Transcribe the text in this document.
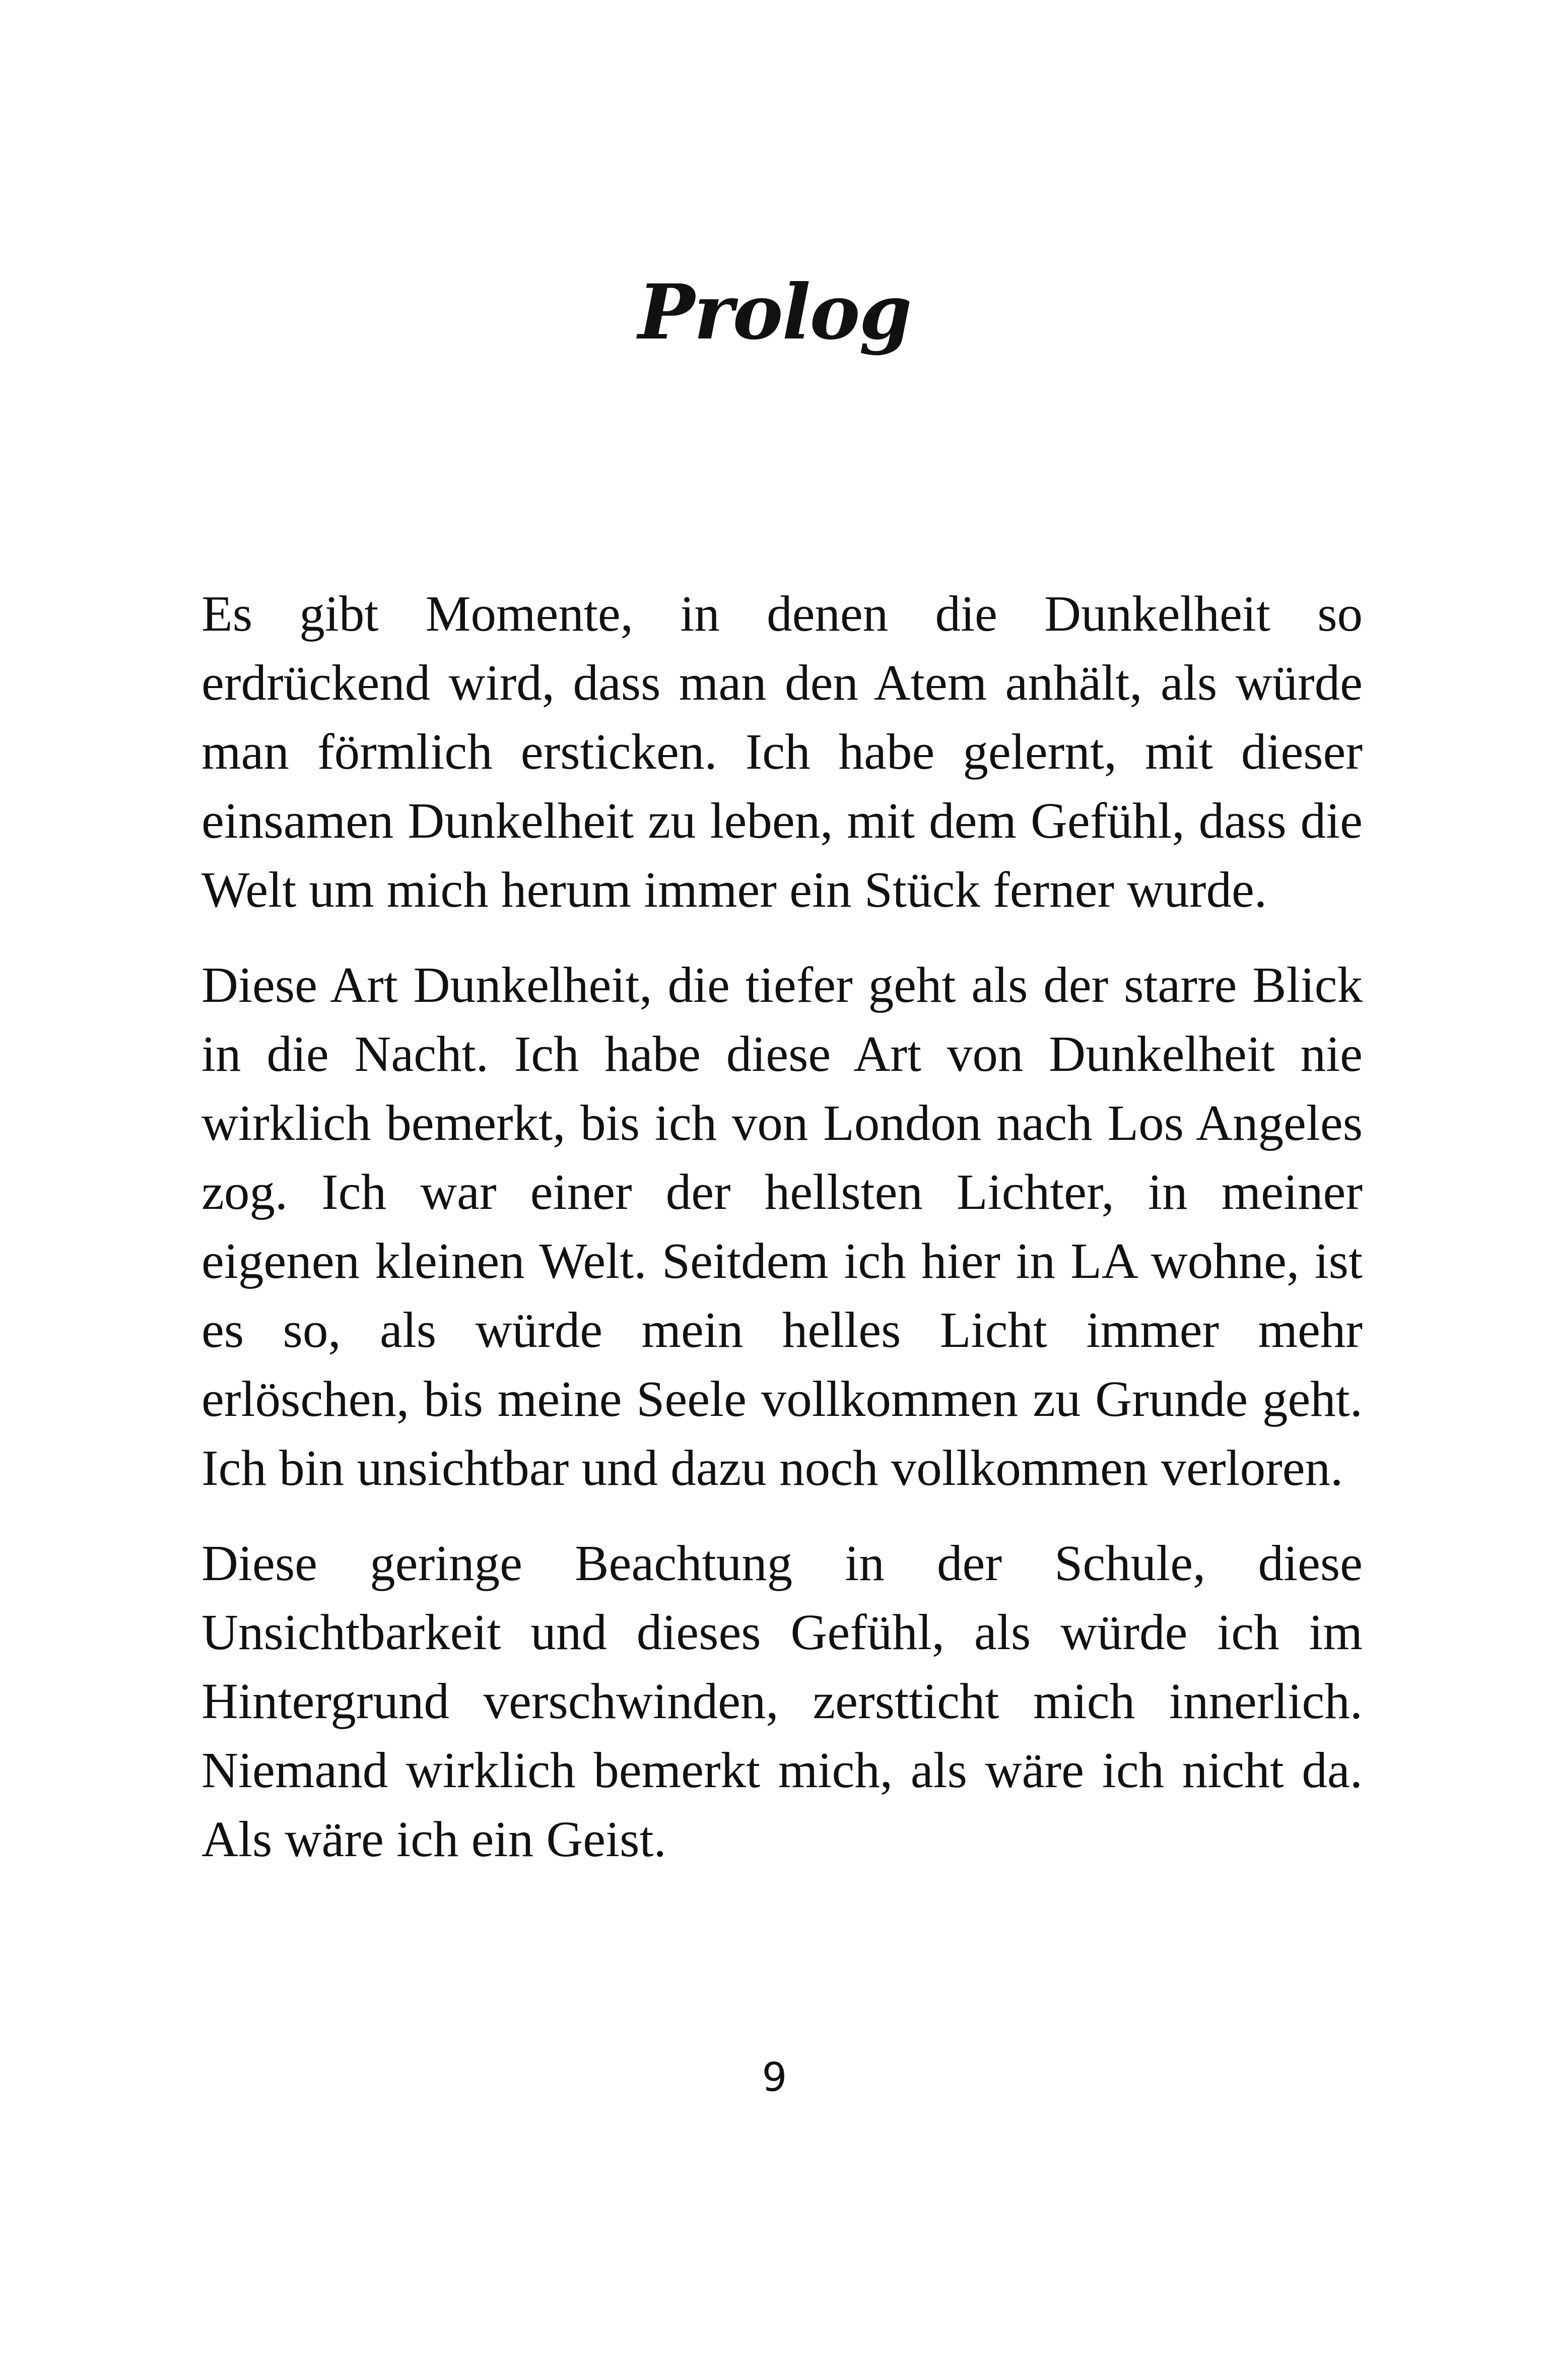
Prolog

Es gibt Momente, in denen die Dunkelheit so erdrückend wird, dass man den Atem anhält, als würde man förmlich ersticken. Ich habe gelernt, mit dieser einsamen Dunkelheit zu leben, mit dem Gefühl, dass die Welt um mich herum immer ein Stück ferner wurde.

Diese Art Dunkelheit, die tiefer geht als der starre Blick in die Nacht. Ich habe diese Art von Dunkelheit nie wirklich bemerkt, bis ich von London nach Los Angeles zog. Ich war einer der hellsten Lichter, in meiner eigenen kleinen Welt. Seitdem ich hier in LA wohne, ist es so, als würde mein helles Licht immer mehr erlöschen, bis meine Seele vollkommen zu Grunde geht. Ich bin unsichtbar und dazu noch vollkommen verloren.

Diese geringe Beachtung in der Schule, diese Unsichtbarkeit und dieses Gefühl, als würde ich im Hintergrund verschwinden, zerstticht mich innerlich. Niemand wirklich bemerkt mich, als wäre ich nicht da. Als wäre ich ein Geist.

9
